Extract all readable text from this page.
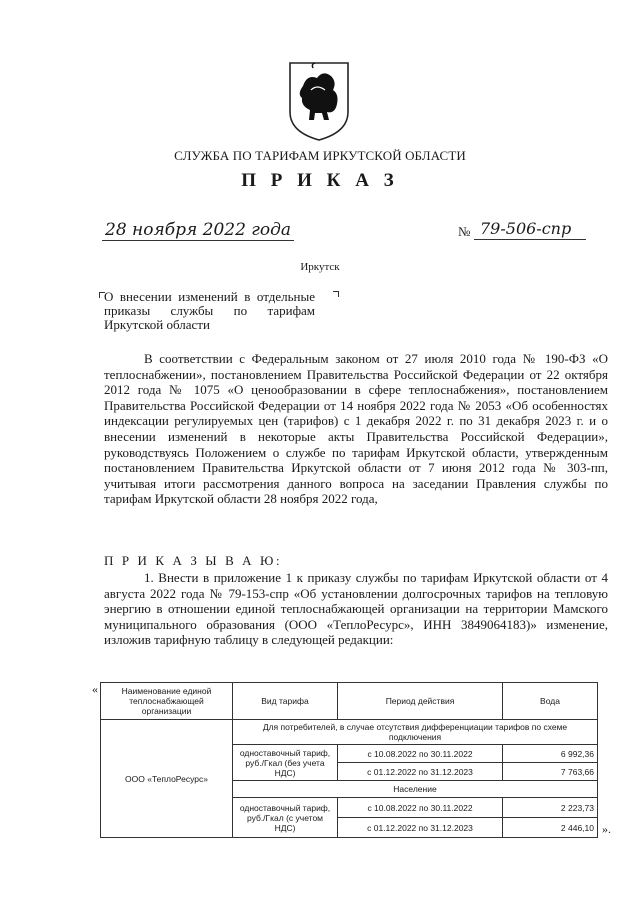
СЛУЖБА ПО ТАРИФАМ ИРКУТСКОЙ ОБЛАСТИ
П Р И К А З
28 ноября 2022 года	№ 79-506-спр
Иркутск
О внесении изменений в отдельные приказы службы по тарифам Иркутской области

В соответствии с Федеральным законом от 27 июля 2010 года № 190-ФЗ «О теплоснабжении», постановлением Правительства Российской Федерации от 22 октября 2012 года № 1075 «О ценообразовании в сфере теплоснабжения», постановлением Правительства Российской Федерации от 14 ноября 2022 года № 2053 «Об особенностях индексации регулируемых цен (тарифов) с 1 декабря 2022 г. по 31 декабря 2023 г. и о внесении изменений в некоторые акты Правительства Российской Федерации», руководствуясь Положением о службе по тарифам Иркутской области, утвержденным постановлением Правительства Иркутской области от 7 июня 2012 года № 303-пп, учитывая итоги рассмотрения данного вопроса на заседании Правления службы по тарифам Иркутской области 28 ноября 2022 года,

П Р И К А З Ы В А Ю:
1. Внести в приложение 1 к приказу службы по тарифам Иркутской области от 4 августа 2022 года № 79-153-спр «Об установлении долгосрочных тарифов на тепловую энергию в отношении единой теплоснабжающей организации на территории Мамского муниципального образования (ООО «ТеплоРесурс», ИНН 3849064183)» изменение, изложив тарифную таблицу в следующей редакции:
«	Наименование единой теплоснабжающей организации	Вид тарифа	Период действия	Вода
ООО «ТеплоРесурс»	Для потребителей, в случае отсутствия дифференциации тарифов по схеме подключения		
	одноставочный тариф, руб./Гкал (без учета НДС)	с 10.08.2022 по 30.11.2022	6 992,36
		с 01.12.2022 по 31.12.2023	7 763,66
	Население		
	одноставочный тариф, руб./Гкал (с учетом НДС)	с 10.08.2022 по 30.11.2022	2 223,73
		с 01.12.2022 по 31.12.2023	2 446,10 ».
